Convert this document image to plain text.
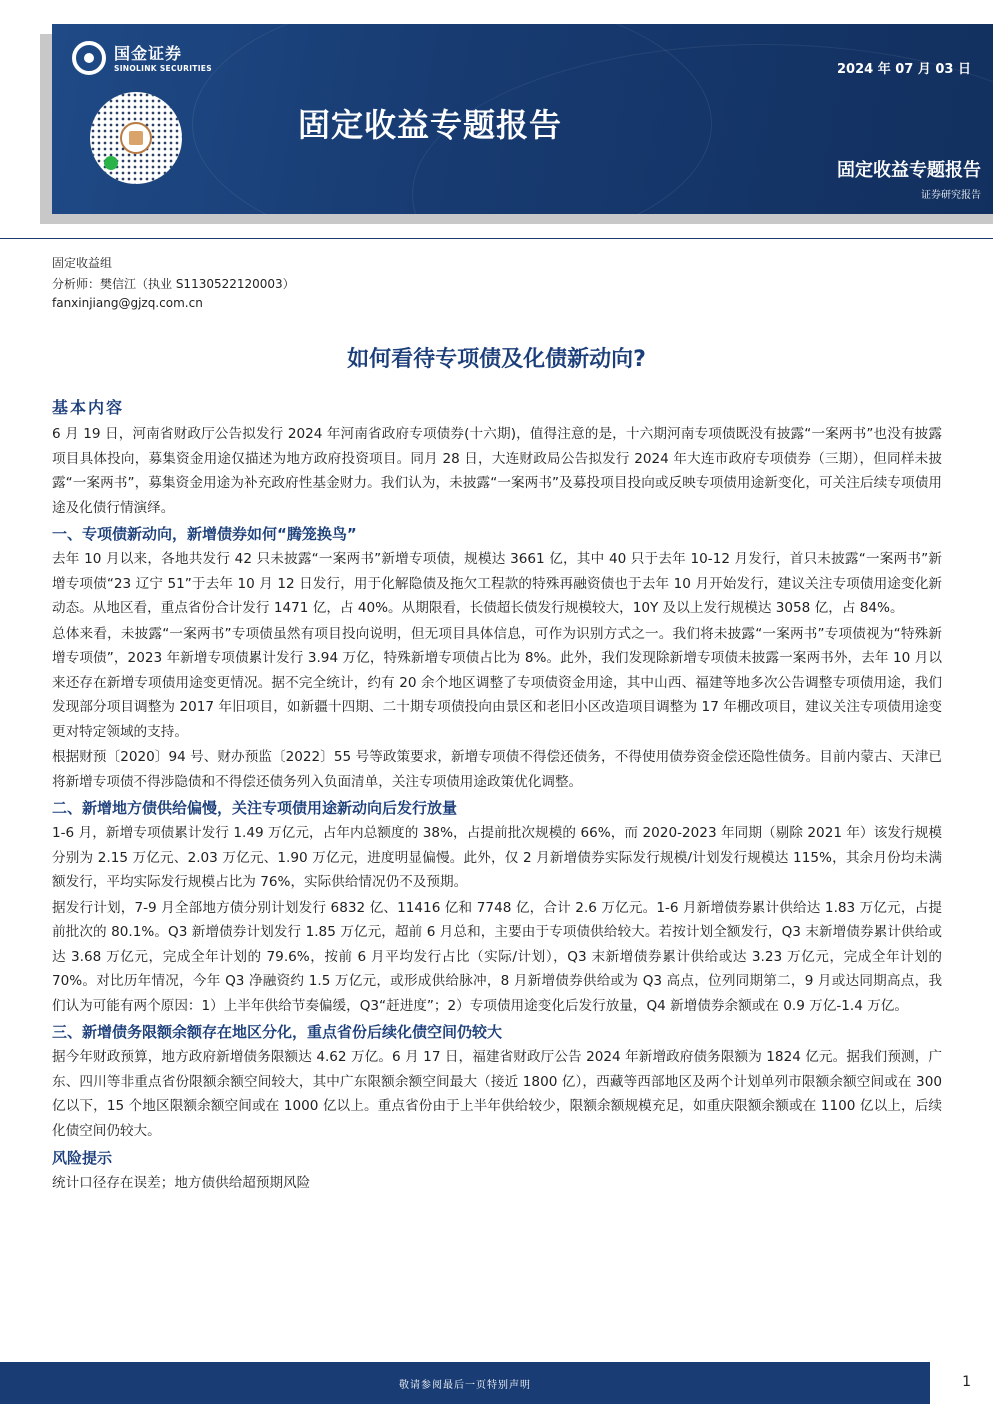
国金证券
SINOLINK SECURITIES	2024 年 07 月 03 日
固定收益专题报告
固定收益专题报告
证券研究报告
固定收益组
分析师：樊信江（执业 S1130522120003）
fanxinjiang@gjzq.com.cn
如何看待专项债及化债新动向?
基本内容

6 月 19 日，河南省财政厅公告拟发行 2024 年河南省政府专项债券(十六期)，值得注意的是，十六期河南专项债既没有披露“一案两书”也没有披露项目具体投向，募集资金用途仅描述为地方政府投资项目。同月 28 日，大连财政局公告拟发行 2024 年大连市政府专项债券（三期），但同样未披露“一案两书”，募集资金用途为补充政府性基金财力。我们认为，未披露“一案两书”及募投项目投向或反映专项债用途新变化，可关注后续专项债用途及化债行情演绎。

一、专项债新动向，新增债券如何“腾笼换鸟”

去年 10 月以来，各地共发行 42 只未披露“一案两书”新增专项债，规模达 3661 亿，其中 40 只于去年 10-12 月发行，首只未披露“一案两书”新增专项债“23 辽宁 51”于去年 10 月 12 日发行，用于化解隐债及拖欠工程款的特殊再融资债也于去年 10 月开始发行，建议关注专项债用途变化新动态。从地区看，重点省份合计发行 1471 亿，占 40%。从期限看，长债超长债发行规模较大，10Y 及以上发行规模达 3058 亿，占 84%。

总体来看，未披露“一案两书”专项债虽然有项目投向说明，但无项目具体信息，可作为识别方式之一。我们将未披露“一案两书”专项债视为“特殊新增专项债”，2023 年新增专项债累计发行 3.94 万亿，特殊新增专项债占比为 8%。此外，我们发现除新增专项债未披露一案两书外，去年 10 月以来还存在新增专项债用途变更情况。据不完全统计，约有 20 余个地区调整了专项债资金用途，其中山西、福建等地多次公告调整专项债用途，我们发现部分项目调整为 2017 年旧项目，如新疆十四期、二十期专项债投向由景区和老旧小区改造项目调整为 17 年棚改项目，建议关注专项债用途变更对特定领域的支持。

根据财预〔2020〕94 号、财办预监〔2022〕55 号等政策要求，新增专项债不得偿还债务，不得使用债券资金偿还隐性债务。目前内蒙古、天津已将新增专项债不得涉隐债和不得偿还债务列入负面清单，关注专项债用途政策优化调整。

二、新增地方债供给偏慢，关注专项债用途新动向后发行放量

1-6 月，新增专项债累计发行 1.49 万亿元，占年内总额度的 38%，占提前批次规模的 66%，而 2020-2023 年同期（剔除 2021 年）该发行规模分别为 2.15 万亿元、2.03 万亿元、1.90 万亿元，进度明显偏慢。此外，仅 2 月新增债券实际发行规模/计划发行规模达 115%，其余月份均未满额发行，平均实际发行规模占比为 76%，实际供给情况仍不及预期。

据发行计划，7-9 月全部地方债分别计划发行 6832 亿、11416 亿和 7748 亿，合计 2.6 万亿元。1-6 月新增债券累计供给达 1.83 万亿元，占提前批次的 80.1%。Q3 新增债券计划发行 1.85 万亿元，超前 6 月总和，主要由于专项债供给较大。若按计划全额发行，Q3 末新增债券累计供给或达 3.68 万亿元，完成全年计划的 79.6%，按前 6 月平均发行占比（实际/计划），Q3 末新增债券累计供给或达 3.23 万亿元，完成全年计划的 70%。对比历年情况，今年 Q3 净融资约 1.5 万亿元，或形成供给脉冲，8 月新增债券供给或为 Q3 高点，位列同期第二，9 月或达同期高点，我们认为可能有两个原因：1）上半年供给节奏偏缓，Q3“赶进度”；2）专项债用途变化后发行放量，Q4 新增债券余额或在 0.9 万亿-1.4 万亿。

三、新增债务限额余额存在地区分化，重点省份后续化债空间仍较大

据今年财政预算，地方政府新增债务限额达 4.62 万亿。6 月 17 日，福建省财政厅公告 2024 年新增政府债务限额为 1824 亿元。据我们预测，广东、四川等非重点省份限额余额空间较大，其中广东限额余额空间最大（接近 1800 亿），西藏等西部地区及两个计划单列市限额余额空间或在 300 亿以下，15 个地区限额余额空间或在 1000 亿以上。重点省份由于上半年供给较少，限额余额规模充足，如重庆限额余额或在 1100 亿以上，后续化债空间仍较大。

风险提示
统计口径存在误差；地方债供给超预期风险
敬请参阅最后一页特别声明	1
